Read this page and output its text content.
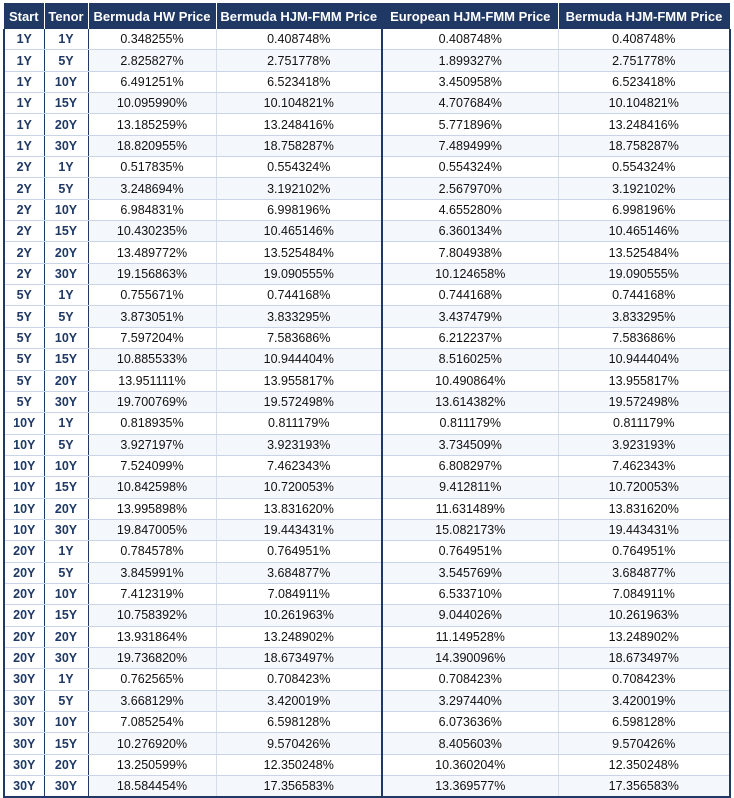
Start	Tenor	Bermuda HW Price	Bermuda HJM-FMM Price	European HJM-FMM Price	Bermuda HJM-FMM Price
1Y	1Y	0.348255%	0.408748%	0.408748%	0.408748%
1Y	5Y	2.825827%	2.751778%	1.899327%	2.751778%
1Y	10Y	6.491251%	6.523418%	3.450958%	6.523418%
1Y	15Y	10.095990%	10.104821%	4.707684%	10.104821%
1Y	20Y	13.185259%	13.248416%	5.771896%	13.248416%
1Y	30Y	18.820955%	18.758287%	7.489499%	18.758287%
2Y	1Y	0.517835%	0.554324%	0.554324%	0.554324%
2Y	5Y	3.248694%	3.192102%	2.567970%	3.192102%
2Y	10Y	6.984831%	6.998196%	4.655280%	6.998196%
2Y	15Y	10.430235%	10.465146%	6.360134%	10.465146%
2Y	20Y	13.489772%	13.525484%	7.804938%	13.525484%
2Y	30Y	19.156863%	19.090555%	10.124658%	19.090555%
5Y	1Y	0.755671%	0.744168%	0.744168%	0.744168%
5Y	5Y	3.873051%	3.833295%	3.437479%	3.833295%
5Y	10Y	7.597204%	7.583686%	6.212237%	7.583686%
5Y	15Y	10.885533%	10.944404%	8.516025%	10.944404%
5Y	20Y	13.951111%	13.955817%	10.490864%	13.955817%
5Y	30Y	19.700769%	19.572498%	13.614382%	19.572498%
10Y	1Y	0.818935%	0.811179%	0.811179%	0.811179%
10Y	5Y	3.927197%	3.923193%	3.734509%	3.923193%
10Y	10Y	7.524099%	7.462343%	6.808297%	7.462343%
10Y	15Y	10.842598%	10.720053%	9.412811%	10.720053%
10Y	20Y	13.995898%	13.831620%	11.631489%	13.831620%
10Y	30Y	19.847005%	19.443431%	15.082173%	19.443431%
20Y	1Y	0.784578%	0.764951%	0.764951%	0.764951%
20Y	5Y	3.845991%	3.684877%	3.545769%	3.684877%
20Y	10Y	7.412319%	7.084911%	6.533710%	7.084911%
20Y	15Y	10.758392%	10.261963%	9.044026%	10.261963%
20Y	20Y	13.931864%	13.248902%	11.149528%	13.248902%
20Y	30Y	19.736820%	18.673497%	14.390096%	18.673497%
30Y	1Y	0.762565%	0.708423%	0.708423%	0.708423%
30Y	5Y	3.668129%	3.420019%	3.297440%	3.420019%
30Y	10Y	7.085254%	6.598128%	6.073636%	6.598128%
30Y	15Y	10.276920%	9.570426%	8.405603%	9.570426%
30Y	20Y	13.250599%	12.350248%	10.360204%	12.350248%
30Y	30Y	18.584454%	17.356583%	13.369577%	17.356583%
